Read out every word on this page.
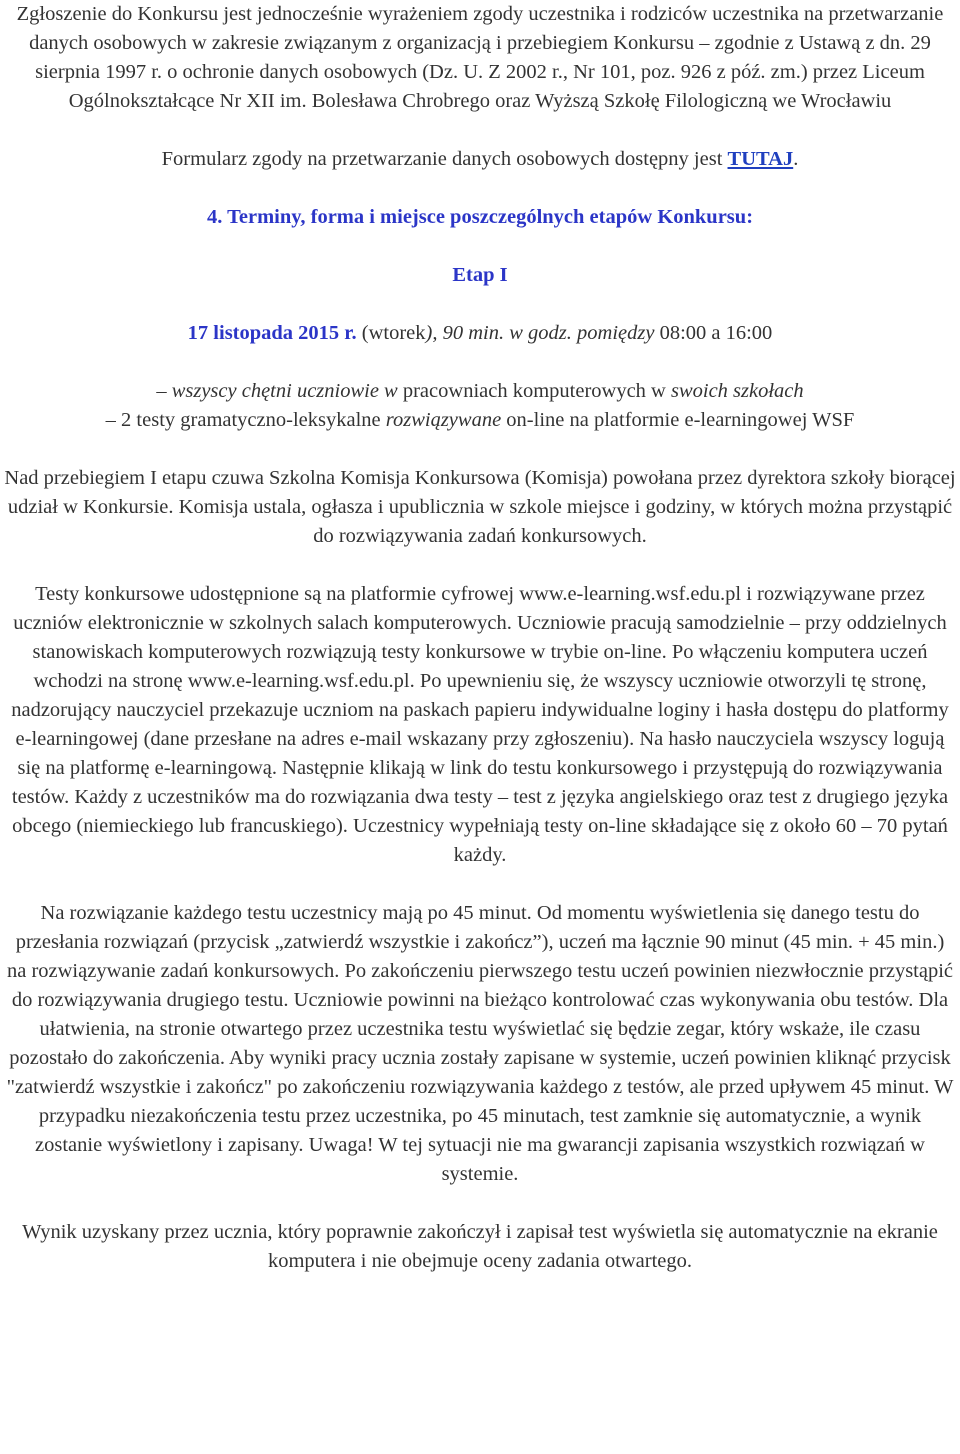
Zgłoszenie do Konkursu jest jednocześnie wyrażeniem zgody uczestnika i rodziców uczestnika na przetwarzanie danych osobowych w zakresie związanym z organizacją i przebiegiem Konkursu – zgodnie z Ustawą z dn. 29 sierpnia 1997 r. o ochronie danych osobowych (Dz. U. Z 2002 r., Nr 101, poz. 926 z póź. zm.) przez Liceum Ogólnokształcące Nr XII im. Bolesława Chrobrego oraz Wyższą Szkołę Filologiczną we Wrocławiu

Formularz zgody na przetwarzanie danych osobowych dostępny jest TUTAJ.

4. Terminy, forma i miejsce poszczególnych etapów Konkursu:

Etap I

17 listopada 2015 r. (wtorek), 90 min. w godz. pomiędzy 08:00 a 16:00

– wszyscy chętni uczniowie w pracowniach komputerowych w swoich szkołach

– 2 testy gramatyczno-leksykalne rozwiązywane on-line na platformie e-learningowej WSF

Nad przebiegiem I etapu czuwa Szkolna Komisja Konkursowa (Komisja) powołana przez dyrektora szkoły biorącej udział w Konkursie. Komisja ustala, ogłasza i upublicznia w szkole miejsce i godziny, w których można przystąpić do rozwiązywania zadań konkursowych.

Testy konkursowe udostępnione są na platformie cyfrowej www.e-learning.wsf.edu.pl i rozwiązywane przez uczniów elektronicznie w szkolnych salach komputerowych. Uczniowie pracują samodzielnie – przy oddzielnych stanowiskach komputerowych rozwiązują testy konkursowe w trybie on-line. Po włączeniu komputera uczeń wchodzi na stronę www.e-learning.wsf.edu.pl. Po upewnieniu się, że wszyscy uczniowie otworzyli tę stronę, nadzorujący nauczyciel przekazuje uczniom na paskach papieru indywidualne loginy i hasła dostępu do platformy e-learningowej (dane przesłane na adres e-mail wskazany przy zgłoszeniu). Na hasło nauczyciela wszyscy logują się na platformę e-learningową. Następnie klikają w link do testu konkursowego i przystępują do rozwiązywania testów. Każdy z uczestników ma do rozwiązania dwa testy – test z języka angielskiego oraz test z drugiego języka obcego (niemieckiego lub francuskiego). Uczestnicy wypełniają testy on-line składające się z około 60 – 70 pytań każdy.

Na rozwiązanie każdego testu uczestnicy mają po 45 minut. Od momentu wyświetlenia się danego testu do przesłania rozwiązań (przycisk „zatwierdź wszystkie i zakończ”), uczeń ma łącznie 90 minut (45 min. + 45 min.) na rozwiązywanie zadań konkursowych. Po zakończeniu pierwszego testu uczeń powinien niezwłocznie przystąpić do rozwiązywania drugiego testu. Uczniowie powinni na bieżąco kontrolować czas wykonywania obu testów. Dla ułatwienia, na stronie otwartego przez uczestnika testu wyświetlać się będzie zegar, który wskaże, ile czasu pozostało do zakończenia. Aby wyniki pracy ucznia zostały zapisane w systemie, uczeń powinien kliknąć przycisk "zatwierdź wszystkie i zakończ" po zakończeniu rozwiązywania każdego z testów, ale przed upływem 45 minut. W przypadku niezakończenia testu przez uczestnika, po 45 minutach, test zamknie się automatycznie, a wynik zostanie wyświetlony i zapisany. Uwaga! W tej sytuacji nie ma gwarancji zapisania wszystkich rozwiązań w systemie.

Wynik uzyskany przez ucznia, który poprawnie zakończył i zapisał test wyświetla się automatycznie na ekranie komputera i nie obejmuje oceny zadania otwartego.
